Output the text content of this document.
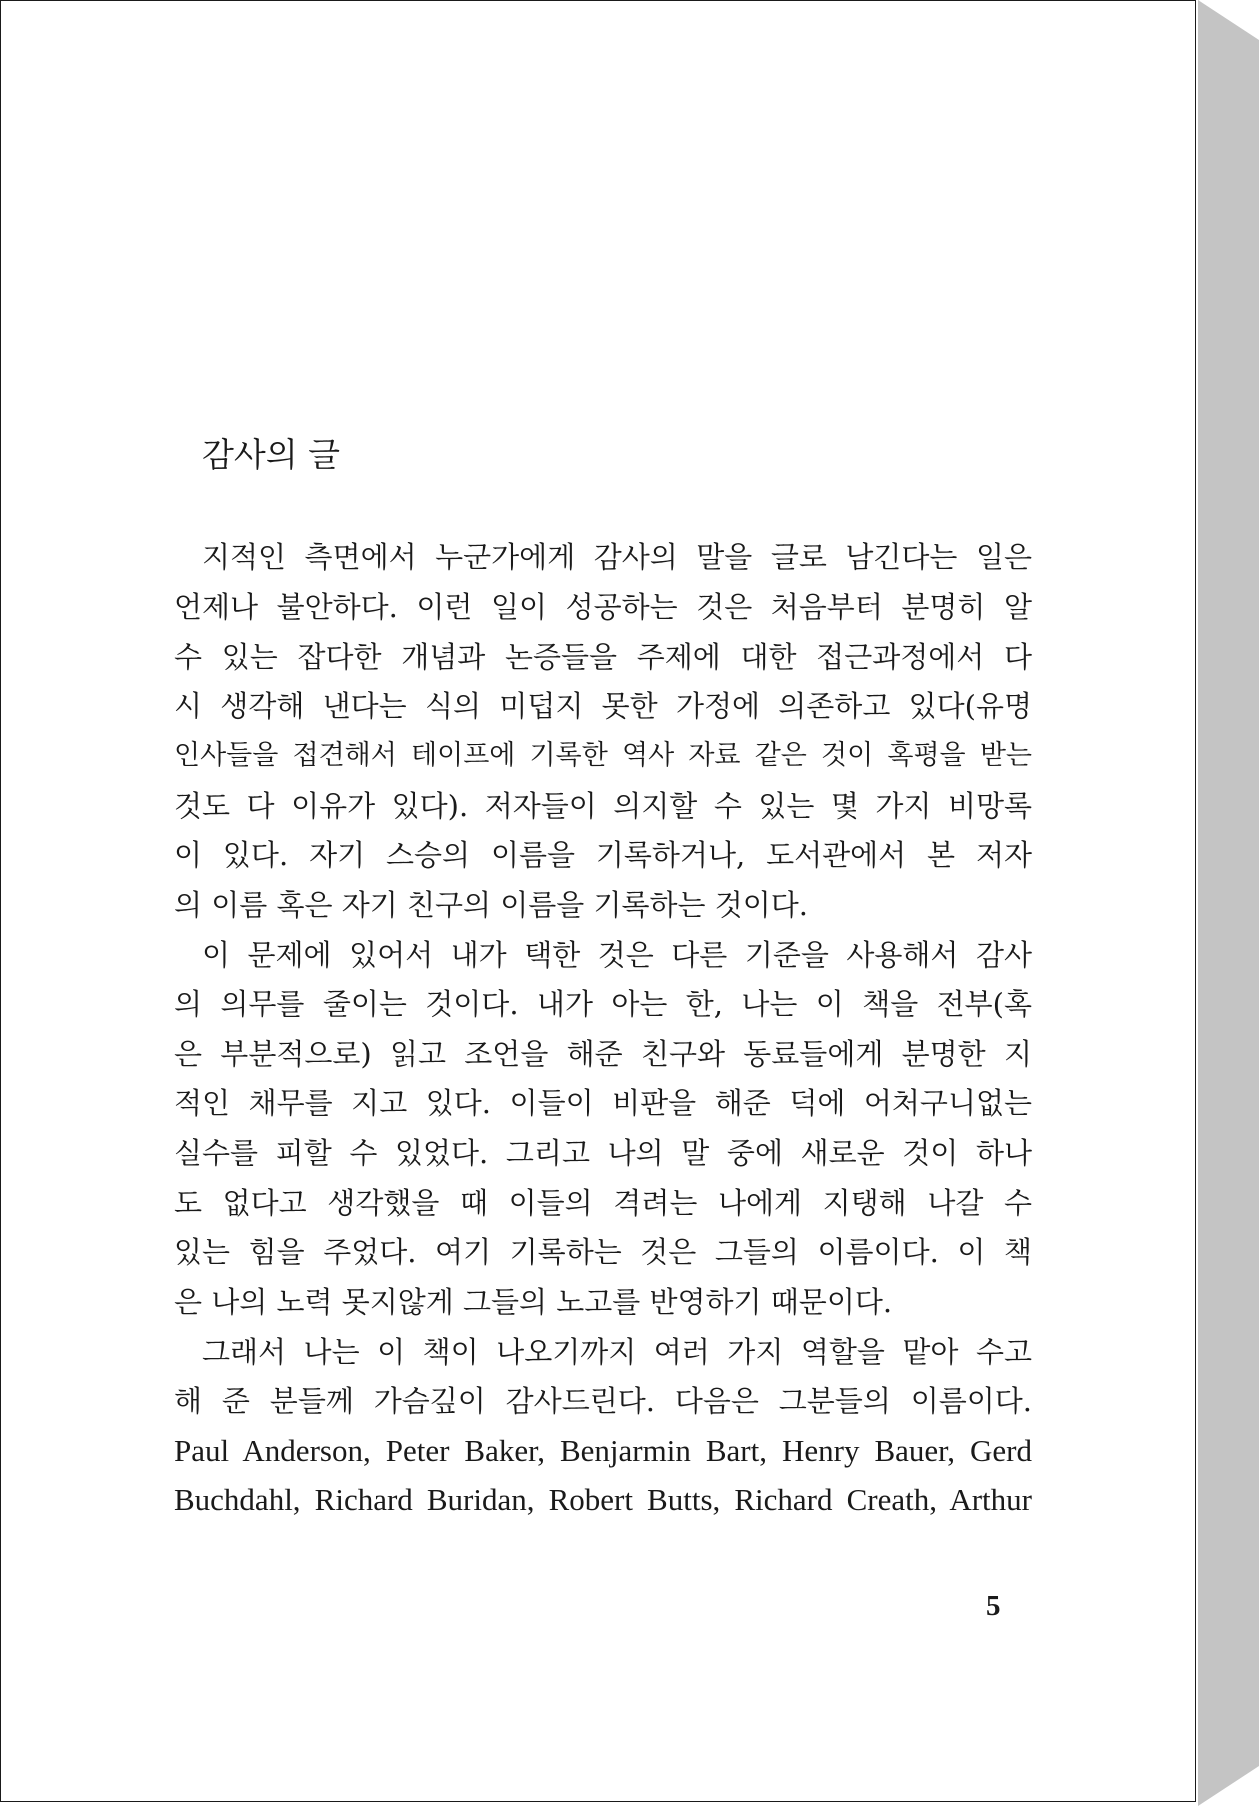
감사의 글
지적인 측면에서 누군가에게 감사의 말을 글로 남긴다는 일은
언제나 불안하다. 이런 일이 성공하는 것은 처음부터 분명히 알
수 있는 잡다한 개념과 논증들을 주제에 대한 접근과정에서 다
시 생각해 낸다는 식의 미덥지 못한 가정에 의존하고 있다(유명
인사들을 접견해서 테이프에 기록한 역사 자료 같은 것이 혹평을 받는
것도 다 이유가 있다). 저자들이 의지할 수 있는 몇 가지 비망록
이 있다. 자기 스승의 이름을 기록하거나, 도서관에서 본 저자
의 이름 혹은 자기 친구의 이름을 기록하는 것이다.
이 문제에 있어서 내가 택한 것은 다른 기준을 사용해서 감사
의 의무를 줄이는 것이다. 내가 아는 한, 나는 이 책을 전부(혹
은 부분적으로) 읽고 조언을 해준 친구와 동료들에게 분명한 지
적인 채무를 지고 있다. 이들이 비판을 해준 덕에 어처구니없는
실수를 피할 수 있었다. 그리고 나의 말 중에 새로운 것이 하나
도 없다고 생각했을 때 이들의 격려는 나에게 지탱해 나갈 수
있는 힘을 주었다. 여기 기록하는 것은 그들의 이름이다. 이 책
은 나의 노력 못지않게 그들의 노고를 반영하기 때문이다.
그래서 나는 이 책이 나오기까지 여러 가지 역할을 맡아 수고
해 준 분들께 가슴깊이 감사드린다. 다음은 그분들의 이름이다.
Paul Anderson, Peter Baker, Benjarmin Bart, Henry Bauer, Gerd
Buchdahl, Richard Buridan, Robert Butts, Richard Creath, Arthur
5
